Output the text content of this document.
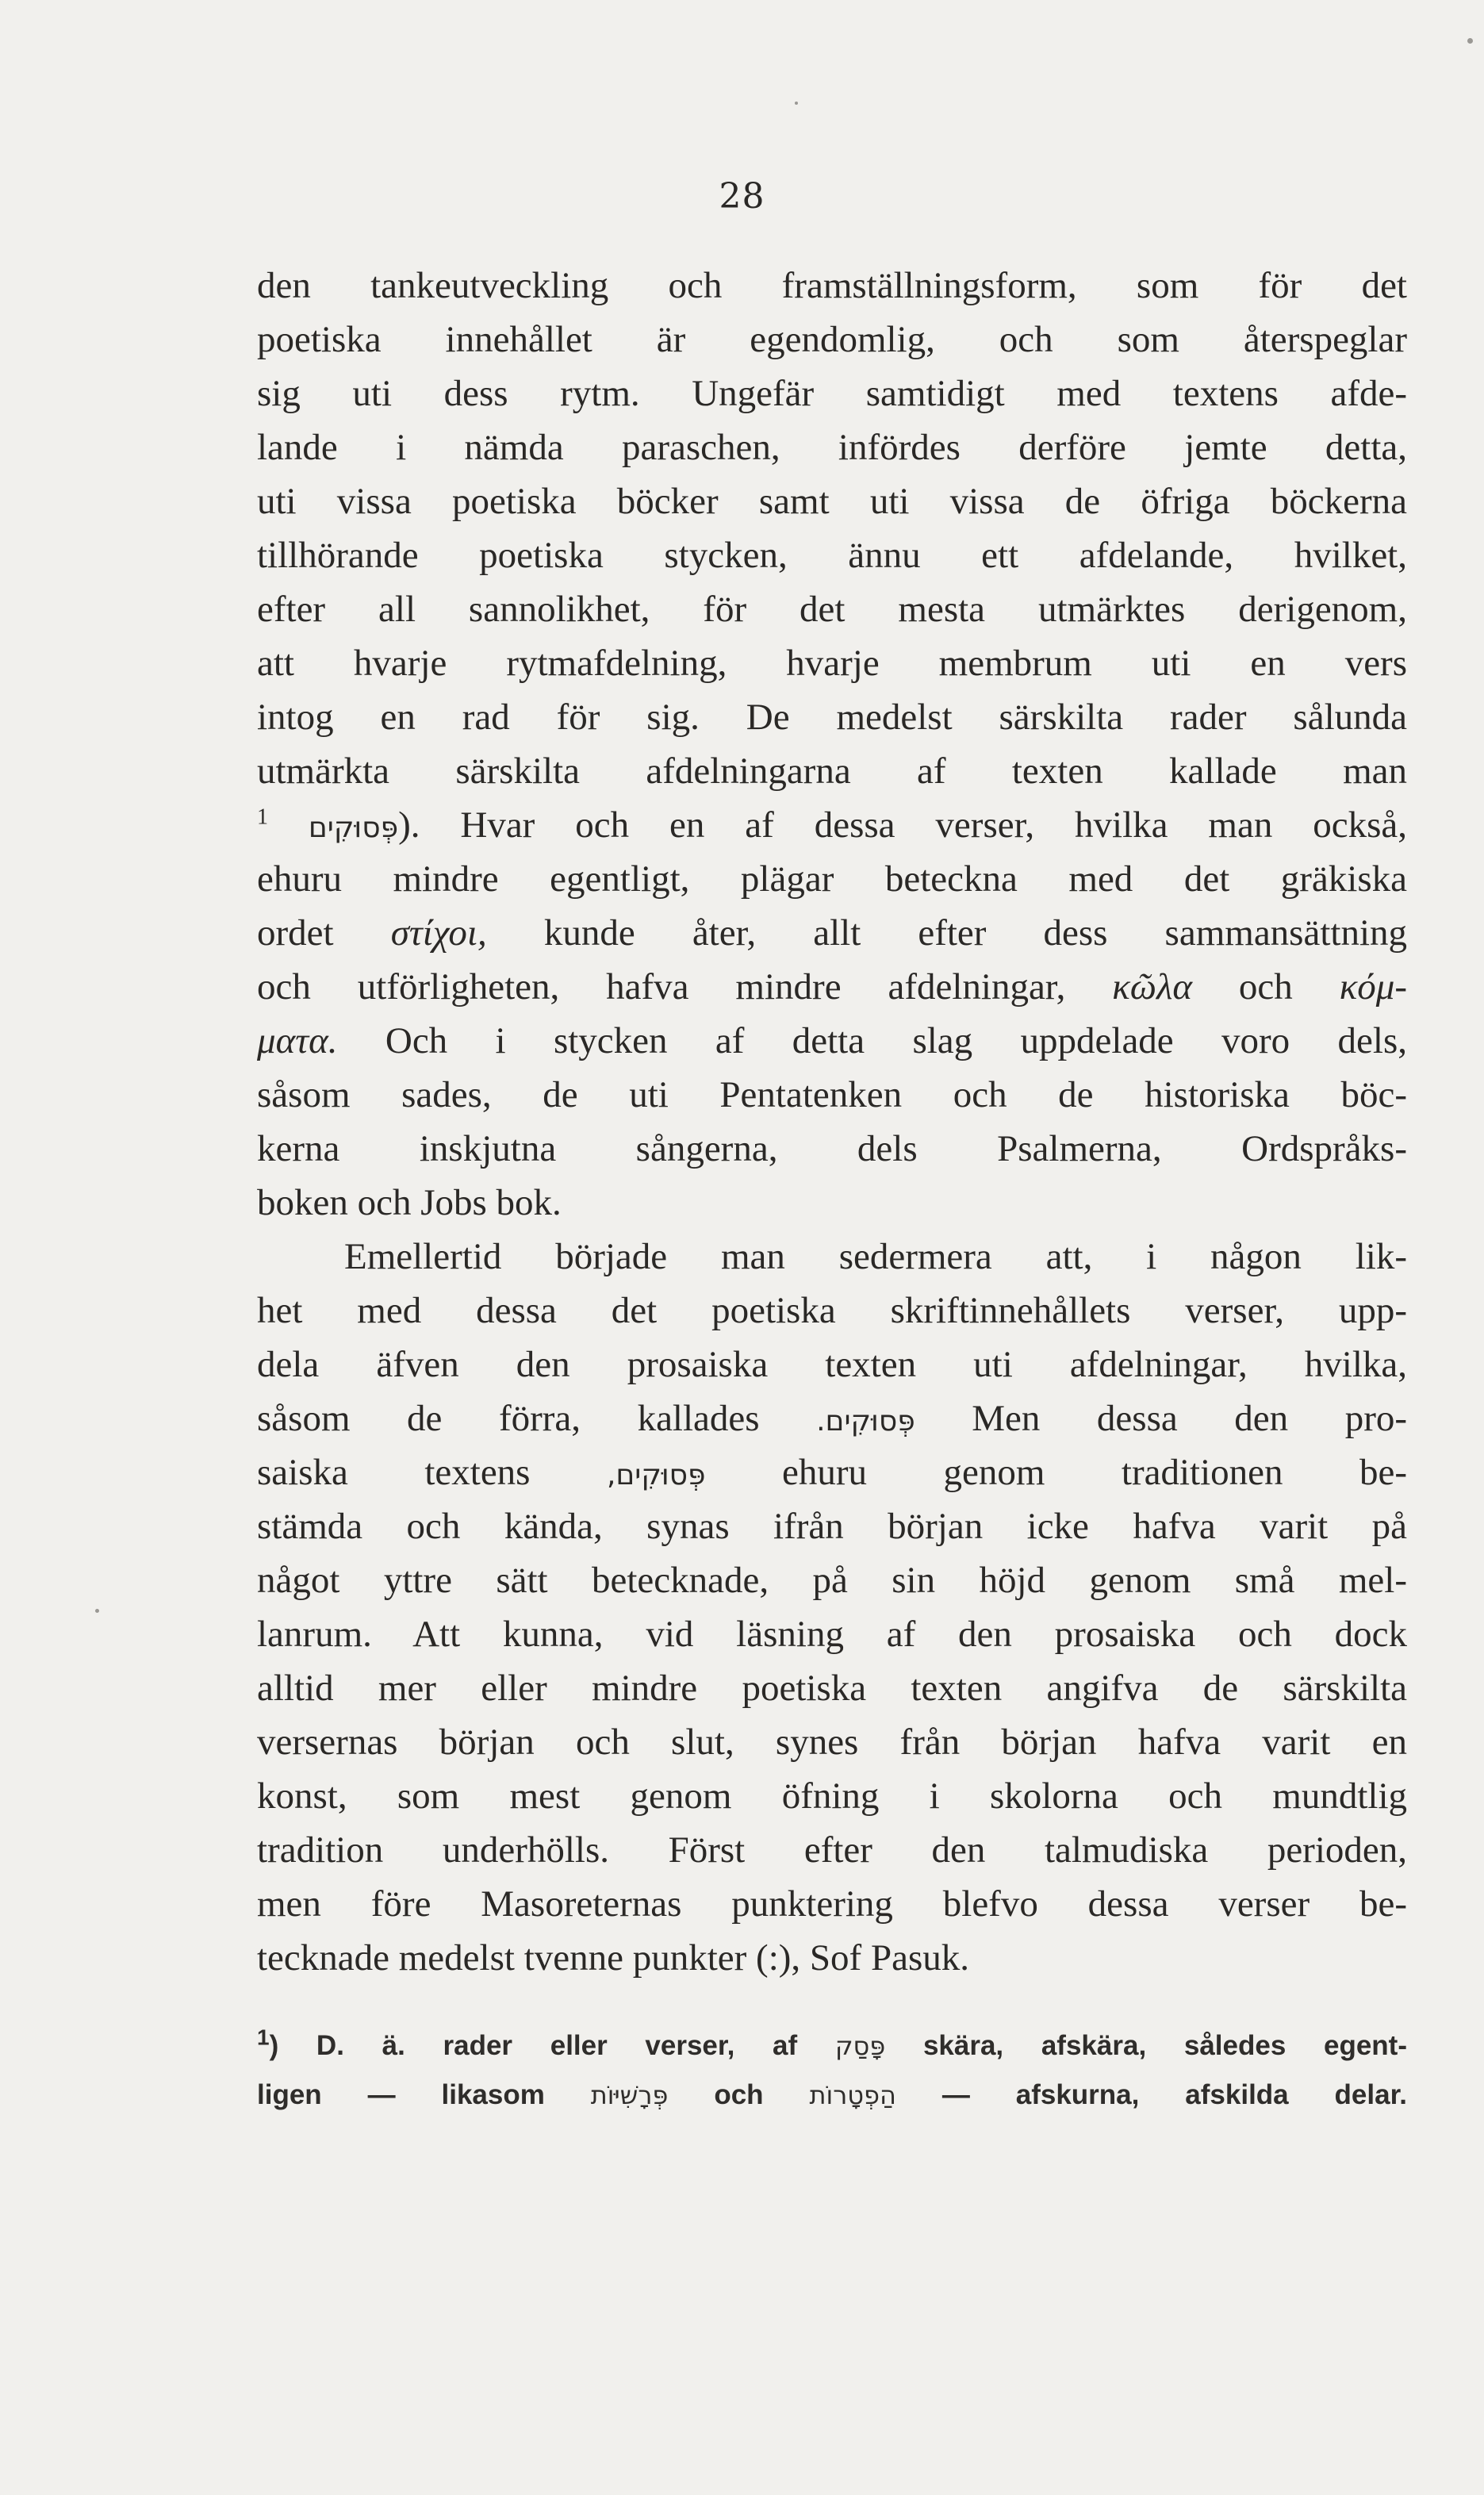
28
den tankeutveckling och framställningsform, som för det
poetiska innehållet är egendomlig, och som återspeglar
sig uti dess rytm. Ungefär samtidigt med textens afde-
lande i nämda paraschen, infördes derföre jemte detta,
uti vissa poetiska böcker samt uti vissa de öfriga böckerna
tillhörande poetiska stycken, ännu ett afdelande, hvilket,
efter all sannolikhet, för det mesta utmärktes derigenom,
att hvarje rytmafdelning, hvarje membrum uti en vers
intog en rad för sig. De medelst särskilta rader sålunda
utmärkta särskilta afdelningarna af texten kallade man
פְּסוּקִים $^1$	). Hvar och en af dessa verser, hvilka man också,
ehuru mindre egentligt, plägar beteckna med det gräkiska
ordet στίχοι, kunde åter, allt efter dess sammansättning
och utförligheten, hafva mindre afdelningar, κῶλα och κόμ-
ματα. Och i stycken af detta slag uppdelade voro dels,
såsom sades, de uti Pentatenken och de historiska böc-
kerna inskjutna sångerna, dels Psalmerna, Ordspråks-
boken och Jobs bok.
Emellertid började man sedermera att, i någon lik-
het med dessa det poetiska skriftinnehållets verser, upp-
dela äfven den prosaiska texten uti afdelningar, hvilka,
såsom de förra, kallades פְּסוּקִים. Men dessa den pro-
saiska textens	פְּסוּקִים, ehuru genom traditionen be-
stämda och kända, synas ifrån början icke hafva varit på
något yttre sätt betecknade, på sin höjd genom små mel-
lanrum. Att kunna, vid läsning af den prosaiska och dock
alltid mer eller mindre poetiska texten angifva de särskilta
versernas början och slut, synes från början hafva varit en
konst, som mest genom öfning i skolorna och mundtlig
tradition underhölls. Först efter den talmudiska perioden,
men före Masoreternas punktering blefvo dessa verser be-
tecknade medelst tvenne punkter (:), Sof Pasuk.
$^1$) D. ä. rader eller verser, af פָּסַק skära, afskära, således egent-
ligen — likasom פְּרָשִׁיּוֹת och הַפְטָרוֹת — afskurna, afskilda delar.
